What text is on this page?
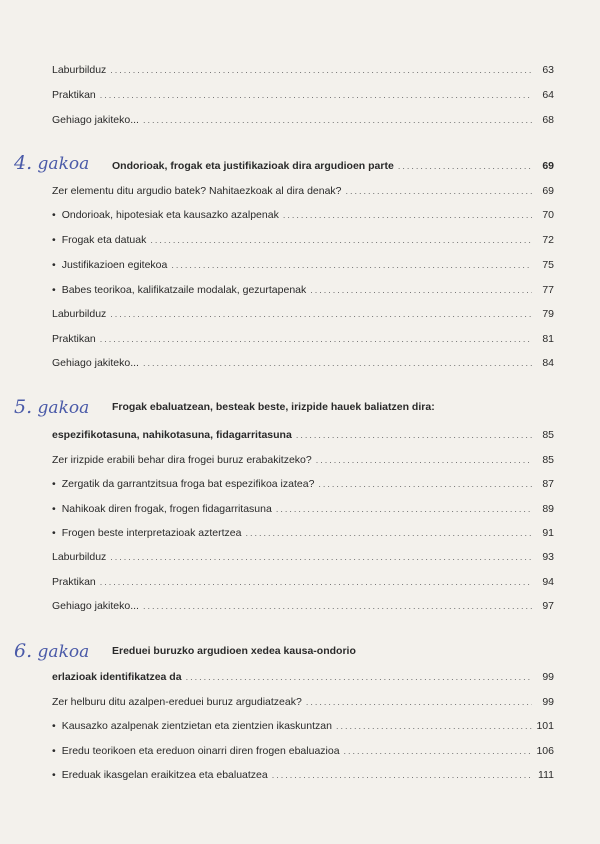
Laburbilduz .....	63
Praktikan .....	64
Gehiago jakiteko... .....	68
4. gakoa Ondorioak, frogak eta justifikazioak dira argudioen parte .....	69
Zer elementu ditu argudio batek? Nahitaezkoak al dira denak? .....	69
• Ondorioak, hipotesiak eta kausazko azalpenak .....	70
• Frogak eta datuak .....	72
• Justifikazioen egitekoa .....	75
• Babes teorikoa, kalifikatzaile modalak, gezurtapenak .....	77
Laburbilduz .....	79
Praktikan .....	81
Gehiago jakiteko... .....	84
5. gakoa Frogak ebaluatzean, besteak beste, irizpide hauek baliatzen dira:
espezifikotasuna, nahikotasuna, fidagarritasuna .....	85
Zer irizpide erabili behar dira frogei buruz erabakitzeko? .....	85
• Zergatik da garrantzitsua froga bat espezifikoa izatea? .....	87
• Nahikoak diren frogak, frogen fidagarritasuna .....	89
• Frogen beste interpretazioak aztertzea .....	91
Laburbilduz .....	93
Praktikan .....	94
Gehiago jakiteko... .....	97
6. gakoa Ereduei buruzko argudioen xedea kausa-ondorio
erlazioak identifikatzea da .....	99
Zer helburu ditu azalpen-ereduei buruz argudiatzeak? .....	99
• Kausazko azalpenak zientzietan eta zientzien ikaskuntzan .....	101
• Eredu teorikoen eta ereduon oinarri diren frogen ebaluazioa .....	106
• Ereduak ikasgelan eraikitzea eta ebaluatzea .....	111
